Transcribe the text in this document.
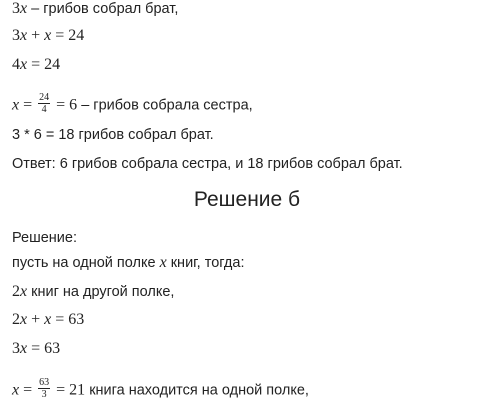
3x – грибов собрал брат,
3x + x = 24
4x = 24
$x = \frac{24}{4} = 6$ – грибов собрала сестра,
3 * 6 = 18 грибов собрал брат.
Ответ: 6 грибов собрала сестра, и 18 грибов собрал брат.
Решение б
Решение:
пусть на одной полке x книг, тогда:
2x книг на другой полке,
2x + x = 63
3x = 63
$x = \frac{63}{3} = 21$ книга находится на одной полке,
